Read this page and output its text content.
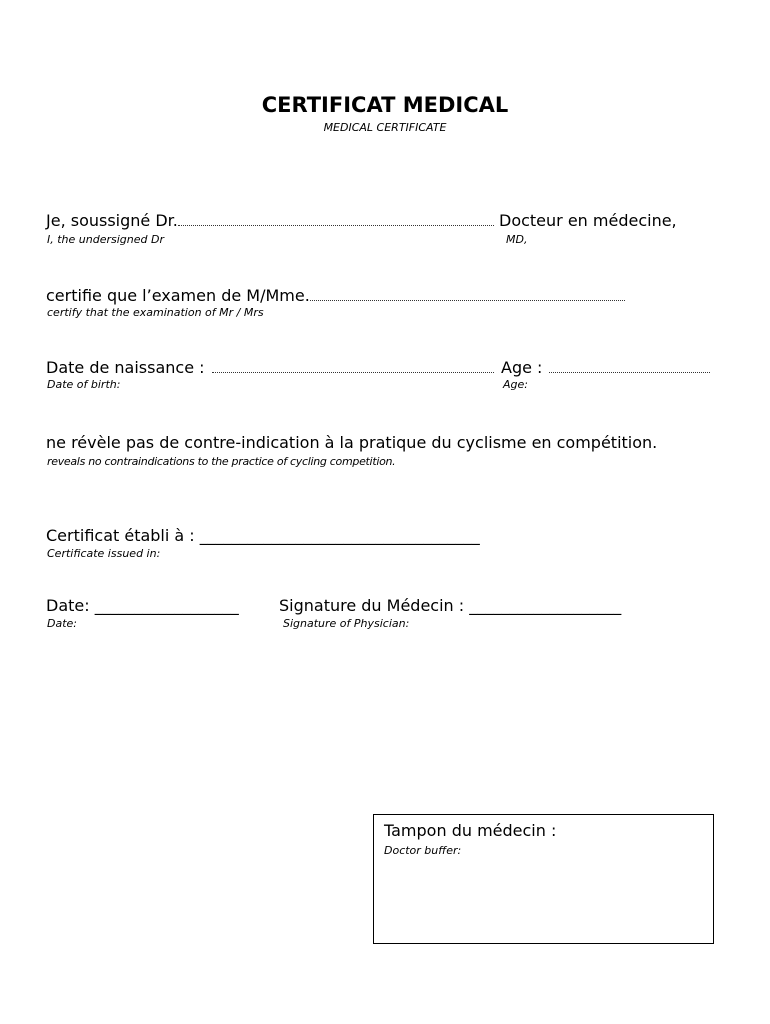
CERTIFICAT MEDICAL
MEDICAL CERTIFICATE
Je, soussigné Dr.	Docteur en médecine,
I, the undersigned Dr	MD,
certifie que l’examen de M/Mme.
certify that the examination of Mr / Mrs
Date de naissance :	Age :
Date of birth:	Age:
ne révèle pas de contre-indication à la pratique du cyclisme en compétition.
reveals no contraindications to the practice of cycling competition.
Certificat établi à : ___________________________________
Certificate issued in:
Date: __________________	Signature du Médecin : ___________________
Date:	Signature of Physician:
Tampon du médecin :
Doctor buffer:
